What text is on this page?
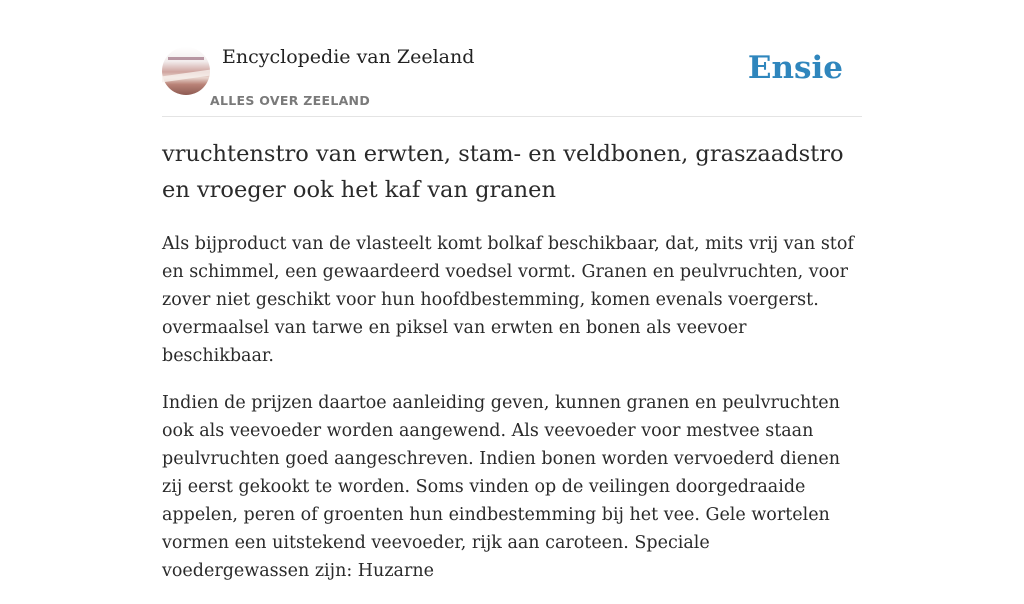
Encyclopedie van Zeeland
ALLES OVER ZEELAND
Ensie
vruchtenstro van erwten, stam- en veldbonen, graszaadstro en vroeger ook het kaf van granen

Als bijproduct van de vlasteelt komt bolkaf beschikbaar, dat, mits vrij van stof en schimmel, een gewaardeerd voedsel vormt. Granen en peulvruchten, voor zover niet geschikt voor hun hoofdbestemming, komen evenals voergerst. overmaalsel van tarwe en piksel van erwten en bonen als veevoer beschikbaar.

Indien de prijzen daartoe aanleiding geven, kunnen granen en peulvruchten ook als veevoeder worden aangewend. Als veevoeder voor mestvee staan peulvruchten goed aangeschreven. Indien bonen worden vervoederd dienen zij eerst gekookt te worden. Soms vinden op de veilingen doorgedraaide appelen, peren of groenten hun eindbestemming bij het vee. Gele wortelen vormen een uitstekend veevoeder, rijk aan caroteen. Speciale voedergewassen zijn: Huzarne
